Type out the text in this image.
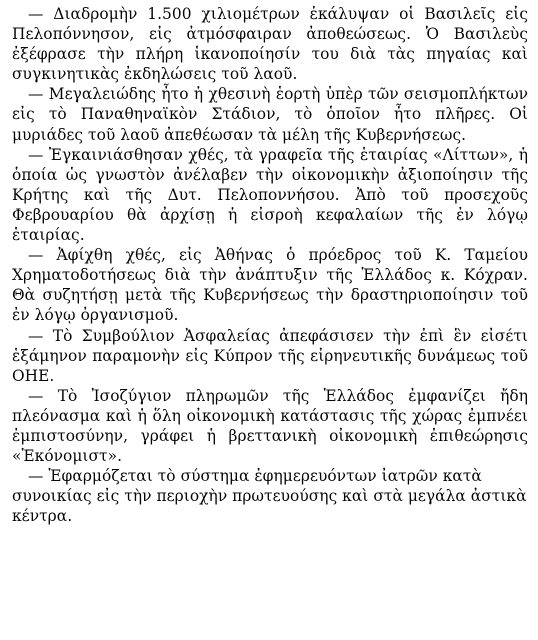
— Διαδρομὴν 1.500 χιλιομέτρων ἐκάλυψαν οἱ Βασιλεῖς εἰς Πελοπόννησον, εἰς ἀτμόσφαιραν ἀποθεώσεως. Ὁ Βασιλεὺς ἐξέφρασε τὴν πλήρη ἱκανοποίησίν του διὰ τὰς πηγαίας καὶ συγκινητικὰς ἐκδηλώσεις τοῦ λαοῦ.

— Μεγαλειώδης ἦτο ἡ χθεσινὴ ἑορτὴ ὑπὲρ τῶν σεισμοπλήκτων εἰς τὸ Παναθηναϊκὸν Στάδιον, τὸ ὁποῖον ἦτο πλῆρες. Οἱ μυριάδες τοῦ λαοῦ ἀπεθέωσαν τὰ μέλη τῆς Κυβερνήσεως.

— Ἐγκαινιάσθησαν χθές, τὰ γραφεῖα τῆς ἑταιρίας «Λίττων», ἡ ὁποία ὡς γνωστὸν ἀνέλαβεν τὴν οἰκονομικὴν ἀξιοποίησιν τῆς Κρήτης καὶ τῆς Δυτ. Πελοποννήσου. Ἀπὸ τοῦ προσεχοῦς Φεβρουαρίου θὰ ἀρχίσῃ ἡ εἰσροὴ κεφαλαίων τῆς ἐν λόγῳ ἑταιρίας.

— Ἀφίχθη χθές, εἰς Ἀθήνας ὁ πρόεδρος τοῦ Κ. Ταμείου Χρηματοδοτήσεως διὰ τὴν ἀνάπτυξιν τῆς Ἑλλάδος κ. Κόχραν. Θὰ συζητήσῃ μετὰ τῆς Κυβερνήσεως τὴν δραστηριοποίησιν τοῦ ἐν λόγῳ ὀργανισμοῦ.

— Τὸ Συμβούλιον Ἀσφαλείας ἀπεφάσισεν τὴν ἐπὶ ἓν εἰσέτι ἑξάμηνον παραμονὴν εἰς Κύπρον τῆς εἰρηνευτικῆς δυνάμεως τοῦ ΟΗΕ.

— Τὸ Ἰσοζύγιον πληρωμῶν τῆς Ἑλλάδος ἐμφανίζει ἤδη πλεόνασμα καὶ ἡ ὅλη οἰκονομικὴ κατάστασις τῆς χώρας ἐμπνέει ἐμπιστοσύνην, γράφει ἡ βρεττανικὴ οἰκονομικὴ ἐπιθεώρησις «Ἐκόνομιστ».

— Ἐφαρμόζεται τὸ σύστημα ἐφημερευόντων ἰατρῶν κατὰ συνοικίας εἰς τὴν περιοχὴν πρωτευούσης καὶ στὰ μεγάλα ἀστικὰ κέντρα.
